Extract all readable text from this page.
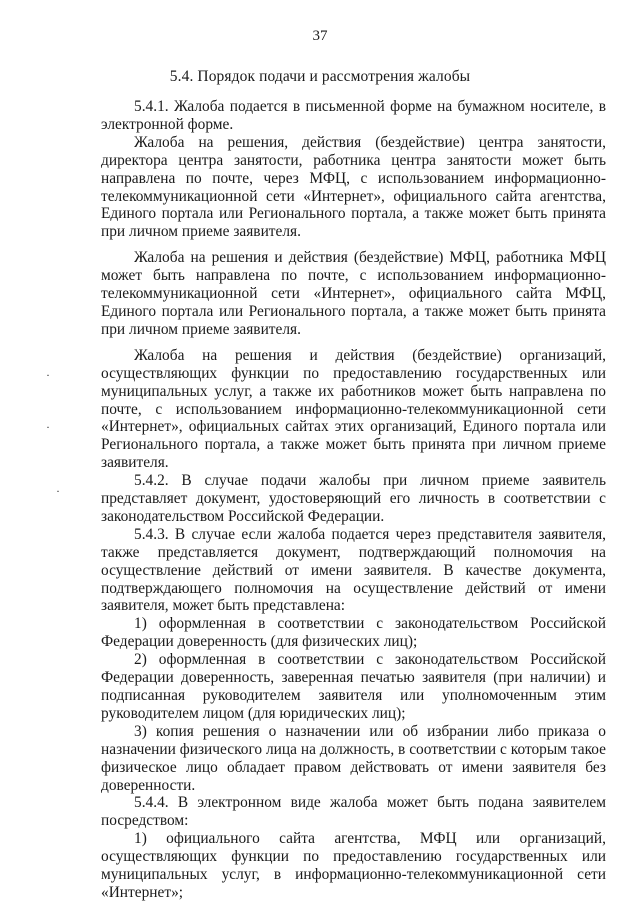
37
5.4. Порядок подачи и рассмотрения жалобы

5.4.1. Жалоба подается в письменной форме на бумажном носителе, в электронной форме.

Жалоба на решения, действия (бездействие) центра занятости, директора центра занятости, работника центра занятости может быть направлена по почте, через МФЦ, с использованием информационно-телекоммуникационной сети «Интернет», официального сайта агентства, Единого портала или Регионального портала, а также может быть принята при личном приеме заявителя.

Жалоба на решения и действия (бездействие) МФЦ, работника МФЦ может быть направлена по почте, с использованием информационно-телекоммуникационной сети «Интернет», официального сайта МФЦ, Единого портала или Регионального портала, а также может быть принята при личном приеме заявителя.

Жалоба на решения и действия (бездействие) организаций, осуществляющих функции по предоставлению государственных или муниципальных услуг, а также их работников может быть направлена по почте, с использованием информационно-телекоммуникационной сети «Интернет», официальных сайтах этих организаций, Единого портала или Регионального портала, а также может быть принята при личном приеме заявителя.

5.4.2. В случае подачи жалобы при личном приеме заявитель представляет документ, удостоверяющий его личность в соответствии с законодательством Российской Федерации.

5.4.3. В случае если жалоба подается через представителя заявителя, также представляется документ, подтверждающий полномочия на осуществление действий от имени заявителя. В качестве документа, подтверждающего полномочия на осуществление действий от имени заявителя, может быть представлена:

1) оформленная в соответствии с законодательством Российской Федерации доверенность (для физических лиц);

2) оформленная в соответствии с законодательством Российской Федерации доверенность, заверенная печатью заявителя (при наличии) и подписанная руководителем заявителя или уполномоченным этим руководителем лицом (для юридических лиц);

3) копия решения о назначении или об избрании либо приказа о назначении физического лица на должность, в соответствии с которым такое физическое лицо обладает правом действовать от имени заявителя без доверенности.

5.4.4. В электронном виде жалоба может быть подана заявителем посредством:

1) официального сайта агентства, МФЦ или организаций, осуществляющих функции по предоставлению государственных или муниципальных услуг, в информационно-телекоммуникационной сети «Интернет»;

·
·
·
